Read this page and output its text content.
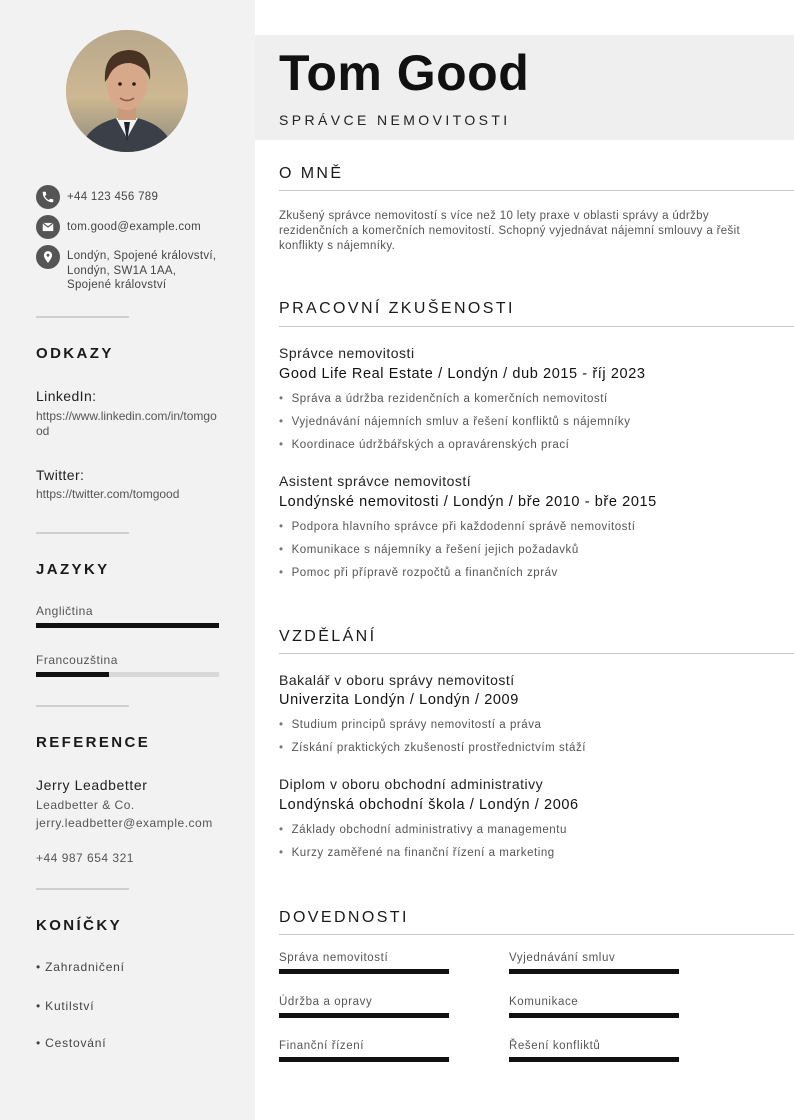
+44 123 456 789
tom.good@example.com
Londýn, Spojené království, Londýn, SW1A 1AA, Spojené království
ODKAZY
LinkedIn:
https://www.linkedin.com/in/tomgood
Twitter:
https://twitter.com/tomgood
JAZYKY
Angličtina
Francouzština
REFERENCE
Jerry Leadbetter
Leadbetter & Co.
jerry.leadbetter@example.com
+44 987 654 321
KONÍČKY
• Zahradničení
• Kutilství
• Cestování
Tom Good
SPRÁVCE NEMOVITOSTI
O MNĚ
Zkušený správce nemovitostí s více než 10 lety praxe v oblasti správy a údržby rezidenčních a komerčních nemovitostí. Schopný vyjednávat nájemní smlouvy a řešit konflikty s nájemníky.
PRACOVNÍ ZKUŠENOSTI
Správce nemovitosti
Good Life Real Estate / Londýn / dub 2015 - říj 2023
• Správa a údržba rezidenčních a komerčních nemovitostí
• Vyjednávání nájemních smluv a řešení konfliktů s nájemníky
• Koordinace údržbářských a opravárenských prací
Asistent správce nemovitostí
Londýnské nemovitosti / Londýn / bře 2010 - bře 2015
• Podpora hlavního správce při každodenní správě nemovitostí
• Komunikace s nájemníky a řešení jejich požadavků
• Pomoc při přípravě rozpočtů a finančních zpráv
VZDĚLÁNÍ
Bakalář v oboru správy nemovitostí
Univerzita Londýn / Londýn / 2009
• Studium principů správy nemovitostí a práva
• Získání praktických zkušeností prostřednictvím stáží
Diplom v oboru obchodní administrativy
Londýnská obchodní škola / Londýn / 2006
• Základy obchodní administrativy a managementu
• Kurzy zaměřené na finanční řízení a marketing
DOVEDNOSTI
Správa nemovitostí	Vyjednávání smluv
Údržba a opravy	Komunikace
Finanční řízení	Řešení konfliktů
